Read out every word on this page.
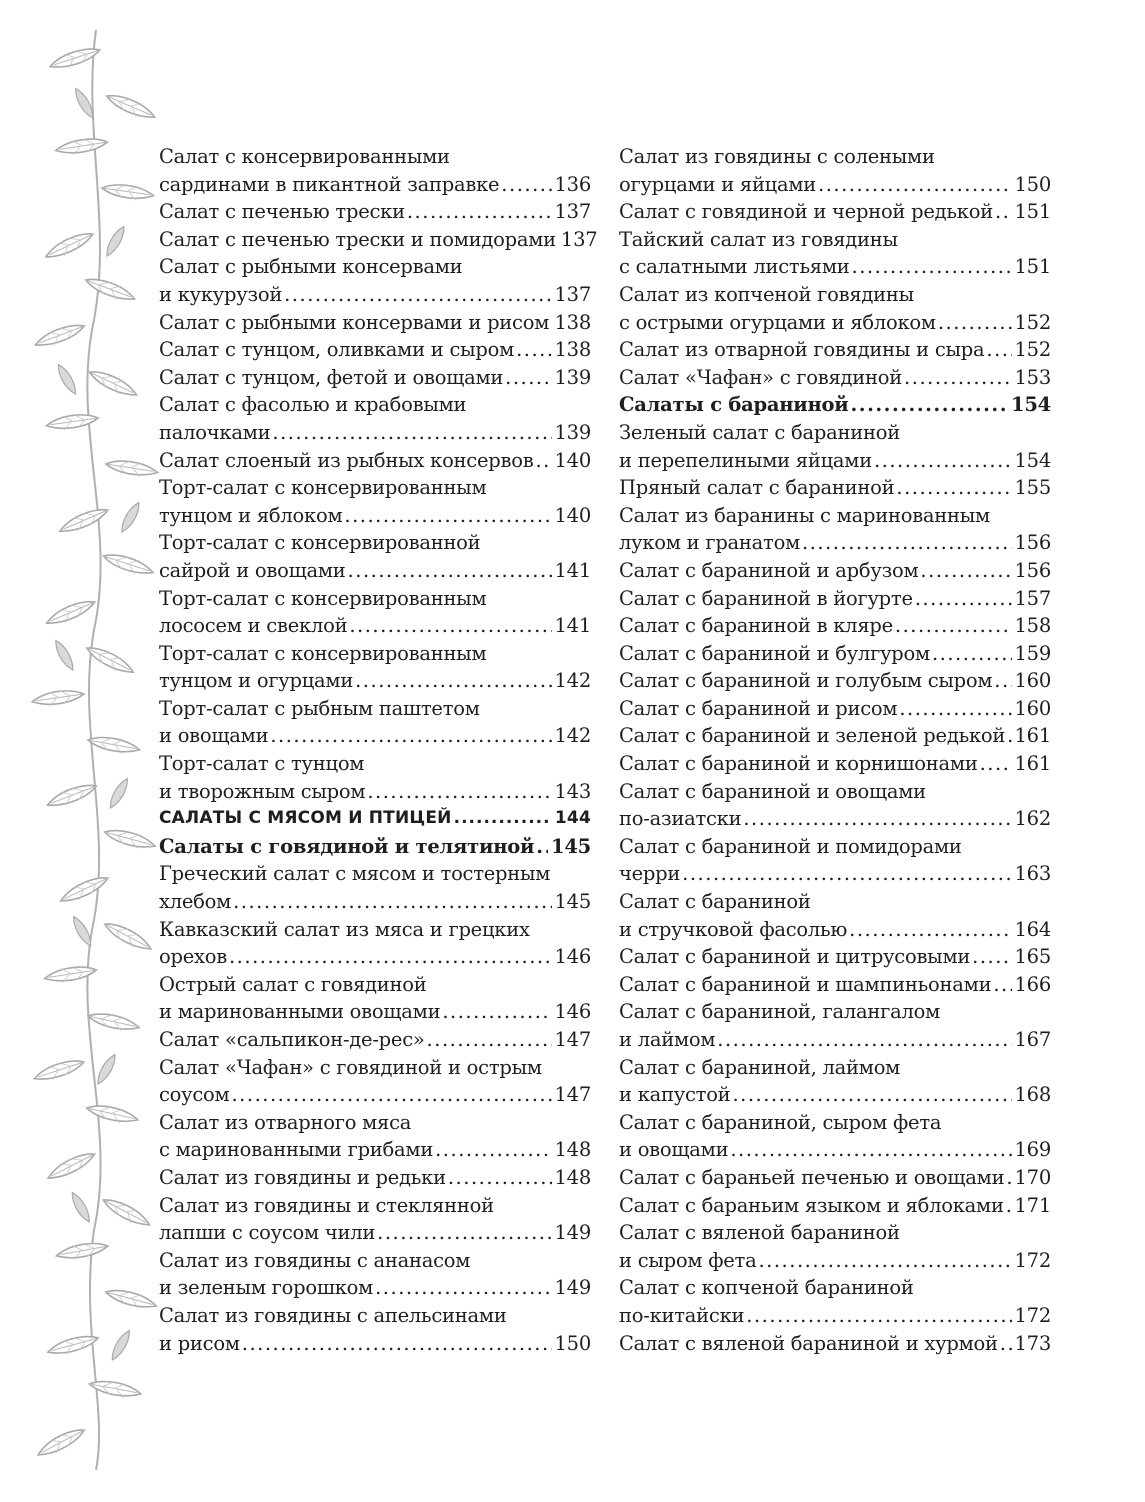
Салат с консервированными
сардинами в пикантной заправке .....	136
Салат с печенью трески .....	137
Салат с печенью трески и помидорами 137
Салат с рыбными консервами
и кукурузой .....	137
Салат с рыбными консервами и рисом ..... 138
Салат с тунцом, оливками и сыром ..... 138
Салат с тунцом, фетой и овощами .....	139
Салат с фасолью и крабовыми
палочками .....	139
Салат слоеный из рыбных консервов ..... 140
Торт-салат с консервированным
тунцом и яблоком .....	140
Торт-салат с консервированной
сайрой и овощами .....	141
Торт-салат с консервированным
лососем и свеклой .....	141
Торт-салат с консервированным
тунцом и огурцами .....	142
Торт-салат с рыбным паштетом
и овощами .....	142
Торт-салат с тунцом
и творожным сыром .....	143
САЛАТЫ С МЯСОМ И ПТИЦЕЙ .....	144
Салаты с говядиной и телятиной ..... 145
Греческий салат с мясом и тостерным
хлебом .....	145
Кавказский салат из мяса и грецких
орехов .....	146
Острый салат с говядиной
и маринованными овощами .....	146
Салат «сальпикон-де-рес» .....	147
Салат «Чафан» с говядиной и острым
соусом .....	147
Салат из отварного мяса
с маринованными грибами .....	148
Салат из говядины и редьки .....	148
Салат из говядины и стеклянной
лапши с соусом чили .....	149
Салат из говядины с ананасом
и зеленым горошком .....	149
Салат из говядины с апельсинами
и рисом .....	150
Салат из говядины с солеными
огурцами и яйцами .....	150
Салат с говядиной и черной редькой ..... 151
Тайский салат из говядины
с салатными листьями .....	151
Салат из копченой говядины
с острыми огурцами и яблоком .....	152
Салат из отварной говядины и сыра ..... 152
Салат «Чафан» с говядиной .....	153
Салаты с бараниной .....	154
Зеленый салат с бараниной
и перепелиными яйцами .....	154
Пряный салат с бараниной .....	155
Салат из баранины с маринованным
луком и гранатом .....	156
Салат с бараниной и арбузом .....	156
Салат с бараниной в йогурте .....	157
Салат с бараниной в кляре .....	158
Салат с бараниной и булгуром .....	159
Салат с бараниной и голубым сыром ..... 160
Салат с бараниной и рисом .....	160
Салат с бараниной и зеленой редькой ..... 161
Салат с бараниной и корнишонами ..... 161
Салат с бараниной и овощами
по-азиатски .....	162
Салат с бараниной и помидорами
черри .....	163
Салат с бараниной
и стручковой фасолью .....	164
Салат с бараниной и цитрусовыми ..... 165
Салат с бараниной и шампиньонами ..... 166
Салат с бараниной, галангалом
и лаймом .....	167
Салат с бараниной, лаймом
и капустой .....	168
Салат с бараниной, сыром фета
и овощами .....	169
Салат с бараньей печенью и овощами ..... 170
Салат с бараньим языком и яблоками ..... 171
Салат с вяленой бараниной
и сыром фета .....	172
Салат с копченой бараниной
по-китайски .....	172
Салат с вяленой бараниной и хурмой ..... 173
